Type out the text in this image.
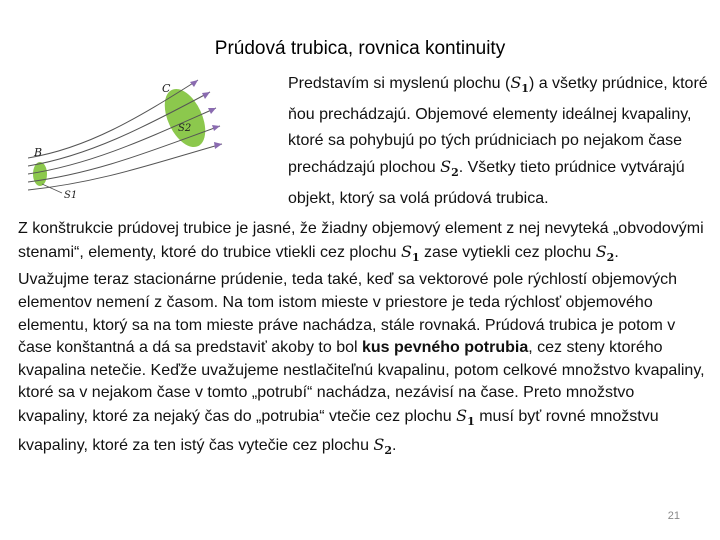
Prúdová trubica, rovnica kontinuity
C
B
S2
S1
Predstavím si myslenú plochu $(S_1)$ a všetky prúdnice, ktoré ňou prechádzajú. Objemové elementy ideálnej kvapaliny, ktoré sa pohybujú po tých prúdniciach po nejakom čase prechádzajú plochou $S_2$. Všetky tieto prúdnice vytvárajú objekt, ktorý sa volá prúdová trubica.

Z konštrukcie prúdovej trubice je jasné, že žiadny objemový element z nej nevyteká „obvodovými stenami“, elementy, ktoré do trubice vtiekli cez plochu $S_1$ zase vytiekli cez plochu $S_2$.

Uvažujme teraz stacionárne prúdenie, teda také, keď sa vektorové pole rýchlostí objemových elementov nemení z časom. Na tom istom mieste v priestore je teda rýchlosť objemového elementu, ktorý sa na tom mieste práve nachádza, stále rovnaká. Prúdová trubica je potom v čase konštantná a dá sa predstaviť akoby to bol kus pevného potrubia, cez steny ktorého kvapalina netečie. Keďže uvažujeme nestlačiteľnú kvapalinu, potom celkové množstvo kvapaliny, ktoré sa v nejakom čase v tomto „potrubí“ nachádza, nezávisí na čase. Preto množstvo kvapaliny, ktoré za nejaký čas do „potrubia“ vtečie cez plochu $S_1$ musí byť rovné množstvu kvapaliny, ktoré za ten istý čas vytečie cez plochu $S_2$.

21
